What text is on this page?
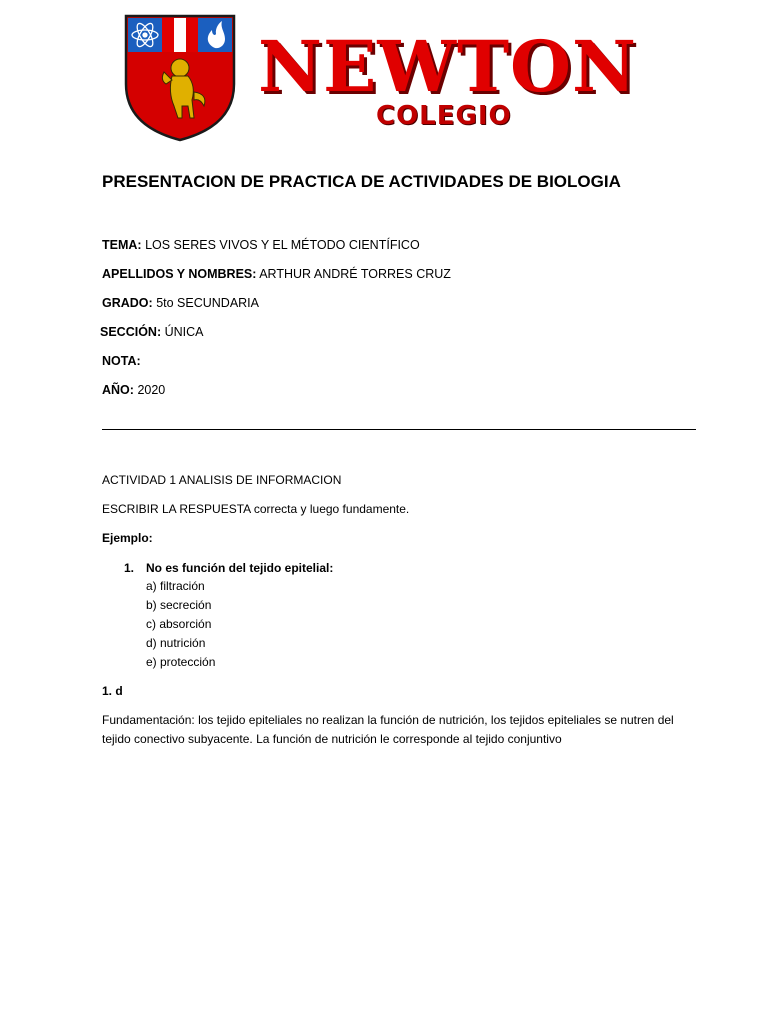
NEWTON
COLEGIO
PRESENTACION DE PRACTICA DE ACTIVIDADES DE BIOLOGIA
TEMA: LOS SERES VIVOS Y EL MÉTODO CIENTÍFICO
APELLIDOS Y NOMBRES: ARTHUR ANDRÉ TORRES CRUZ
GRADO: 5to SECUNDARIA
SECCIÓN: ÚNICA
NOTA:
AÑO: 2020
ACTIVIDAD 1 ANALISIS DE INFORMACION
ESCRIBIR LA RESPUESTA correcta y luego fundamente.
Ejemplo:
1. No es función del tejido epitelial:
a) filtración
b) secreción
c) absorción
d) nutrición
e) protección
1. d
Fundamentación: los tejido epiteliales no realizan la función de nutrición, los tejidos epiteliales se nutren del tejido conectivo subyacente. La función de nutrición le corresponde al tejido conjuntivo
